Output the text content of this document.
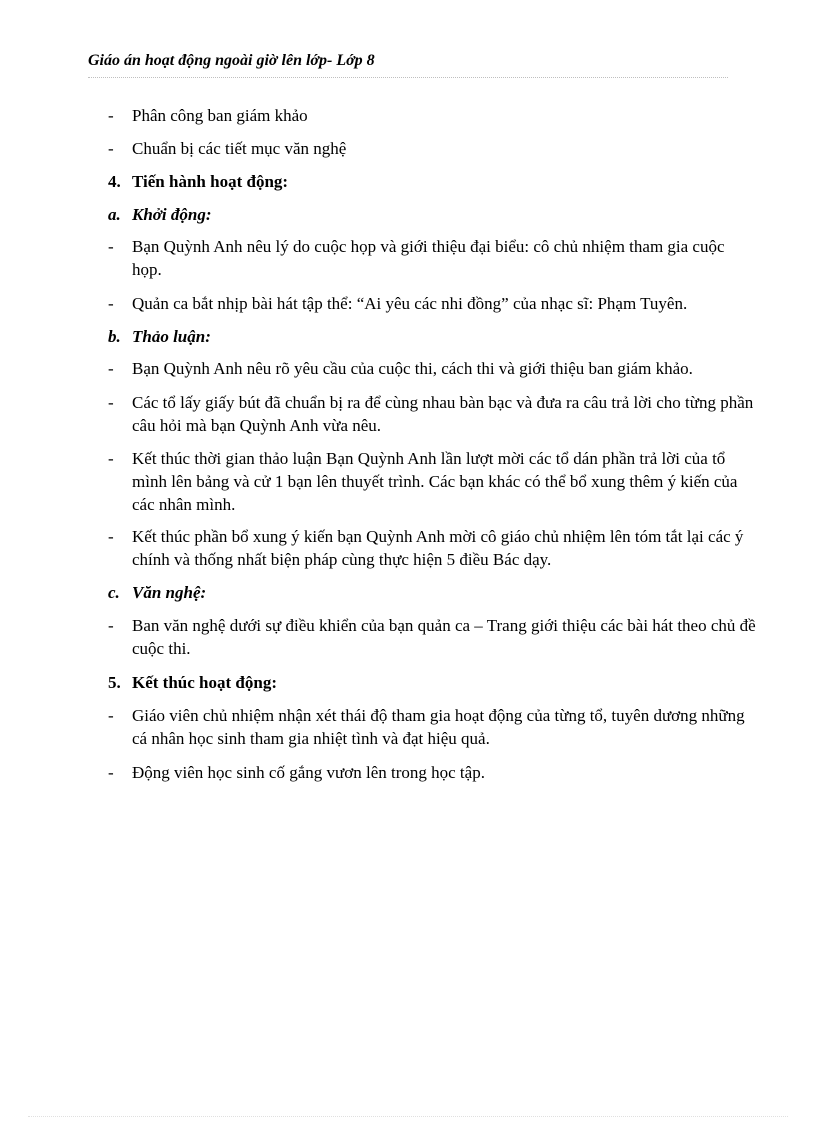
Giáo án hoạt động ngoài giờ lên lớp- Lớp 8
-	Phân công ban giám khảo
-	Chuẩn bị các tiết mục văn nghệ
4. Tiến hành hoạt động:
a. Khởi động:
-	Bạn Quỳnh Anh nêu lý do cuộc họp và giới thiệu đại biểu: cô chủ nhiệm tham gia cuộc họp.
-	Quản ca bắt nhịp bài hát tập thể: “Ai yêu các nhi đồng” của nhạc sĩ: Phạm Tuyên.
b. Thảo luận:
-	Bạn Quỳnh Anh nêu rõ yêu cầu của cuộc thi, cách thi và giới thiệu ban giám khảo.
-	Các tổ lấy giấy bút đã chuẩn bị ra để cùng nhau bàn bạc và đưa ra câu trả lời cho từng phần câu hỏi mà bạn Quỳnh Anh vừa nêu.
-	Kết thúc thời gian thảo luận Bạn Quỳnh Anh lần lượt mời các tổ dán phần trả lời của tổ mình lên bảng và cử 1 bạn lên thuyết trình. Các bạn khác có thể bổ xung thêm ý kiến của các nhân mình.
-	Kết thúc phần bổ xung ý kiến bạn Quỳnh Anh mời cô giáo chủ nhiệm lên tóm tắt lại các ý chính và thống nhất biện pháp cùng thực hiện 5 điều Bác dạy.
c. Văn nghệ:
-	Ban văn nghệ dưới sự điều khiển của bạn quản ca – Trang giới thiệu các bài hát theo chủ đề cuộc thi.
5. Kết thúc hoạt động:
-	Giáo viên chủ nhiệm nhận xét thái độ tham gia hoạt động của từng tổ, tuyên dương những cá nhân học sinh tham gia nhiệt tình và đạt hiệu quả.
-	Động viên học sinh cố gắng vươn lên trong học tập.
